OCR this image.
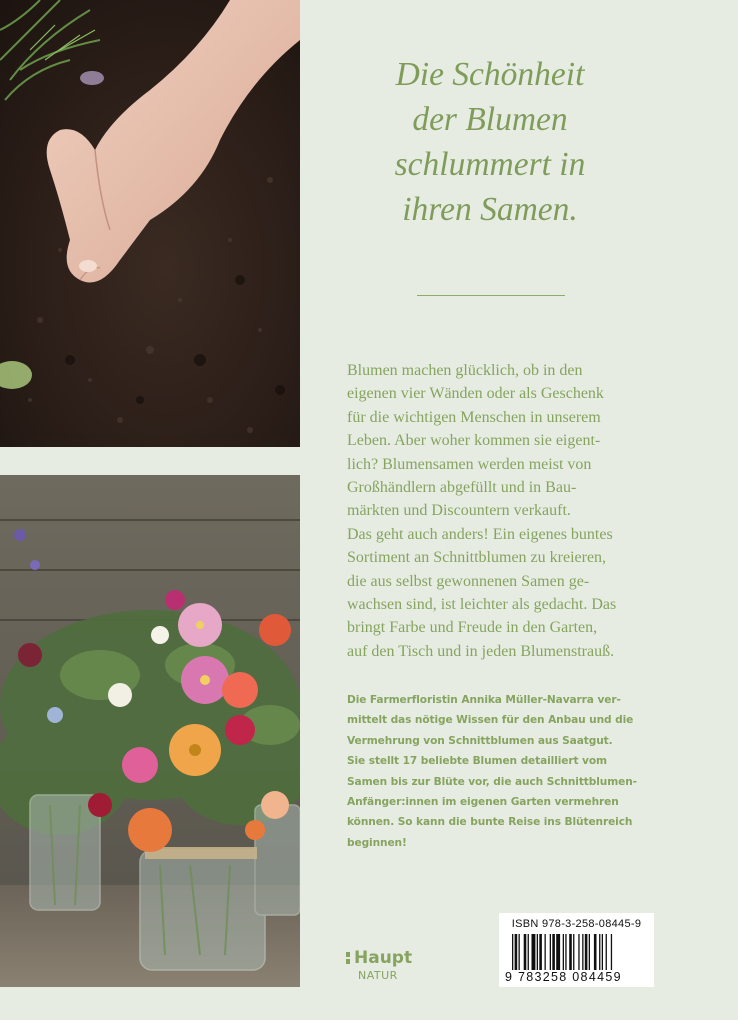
Die Schönheit
der Blumen
schlummert in
ihren Samen.
Blumen machen glücklich, ob in den
eigenen vier Wänden oder als Geschenk
für die wichtigen Menschen in unserem
Leben. Aber woher kommen sie eigent-
lich? Blumensamen werden meist von
Großhändlern abgefüllt und in Bau-
märkten und Discountern verkauft.
Das geht auch anders! Ein eigenes buntes
Sortiment an Schnittblumen zu kreieren,
die aus selbst gewonnenen Samen ge-
wachsen sind, ist leichter als gedacht. Das
bringt Farbe und Freude in den Garten,
auf den Tisch und in jeden Blumenstrauß.
Die Farmerfloristin Annika Müller-Navarra ver-
mittelt das nötige Wissen für den Anbau und die
Vermehrung von Schnittblumen aus Saatgut.
Sie stellt 17 beliebte Blumen detailliert vom
Samen bis zur Blüte vor, die auch Schnittblumen-
Anfänger:innen im eigenen Garten vermehren
können. So kann die bunte Reise ins Blütenreich
beginnen!
Haupt
NATUR
ISBN 978-3-258-08445-9
9 783258 084459
